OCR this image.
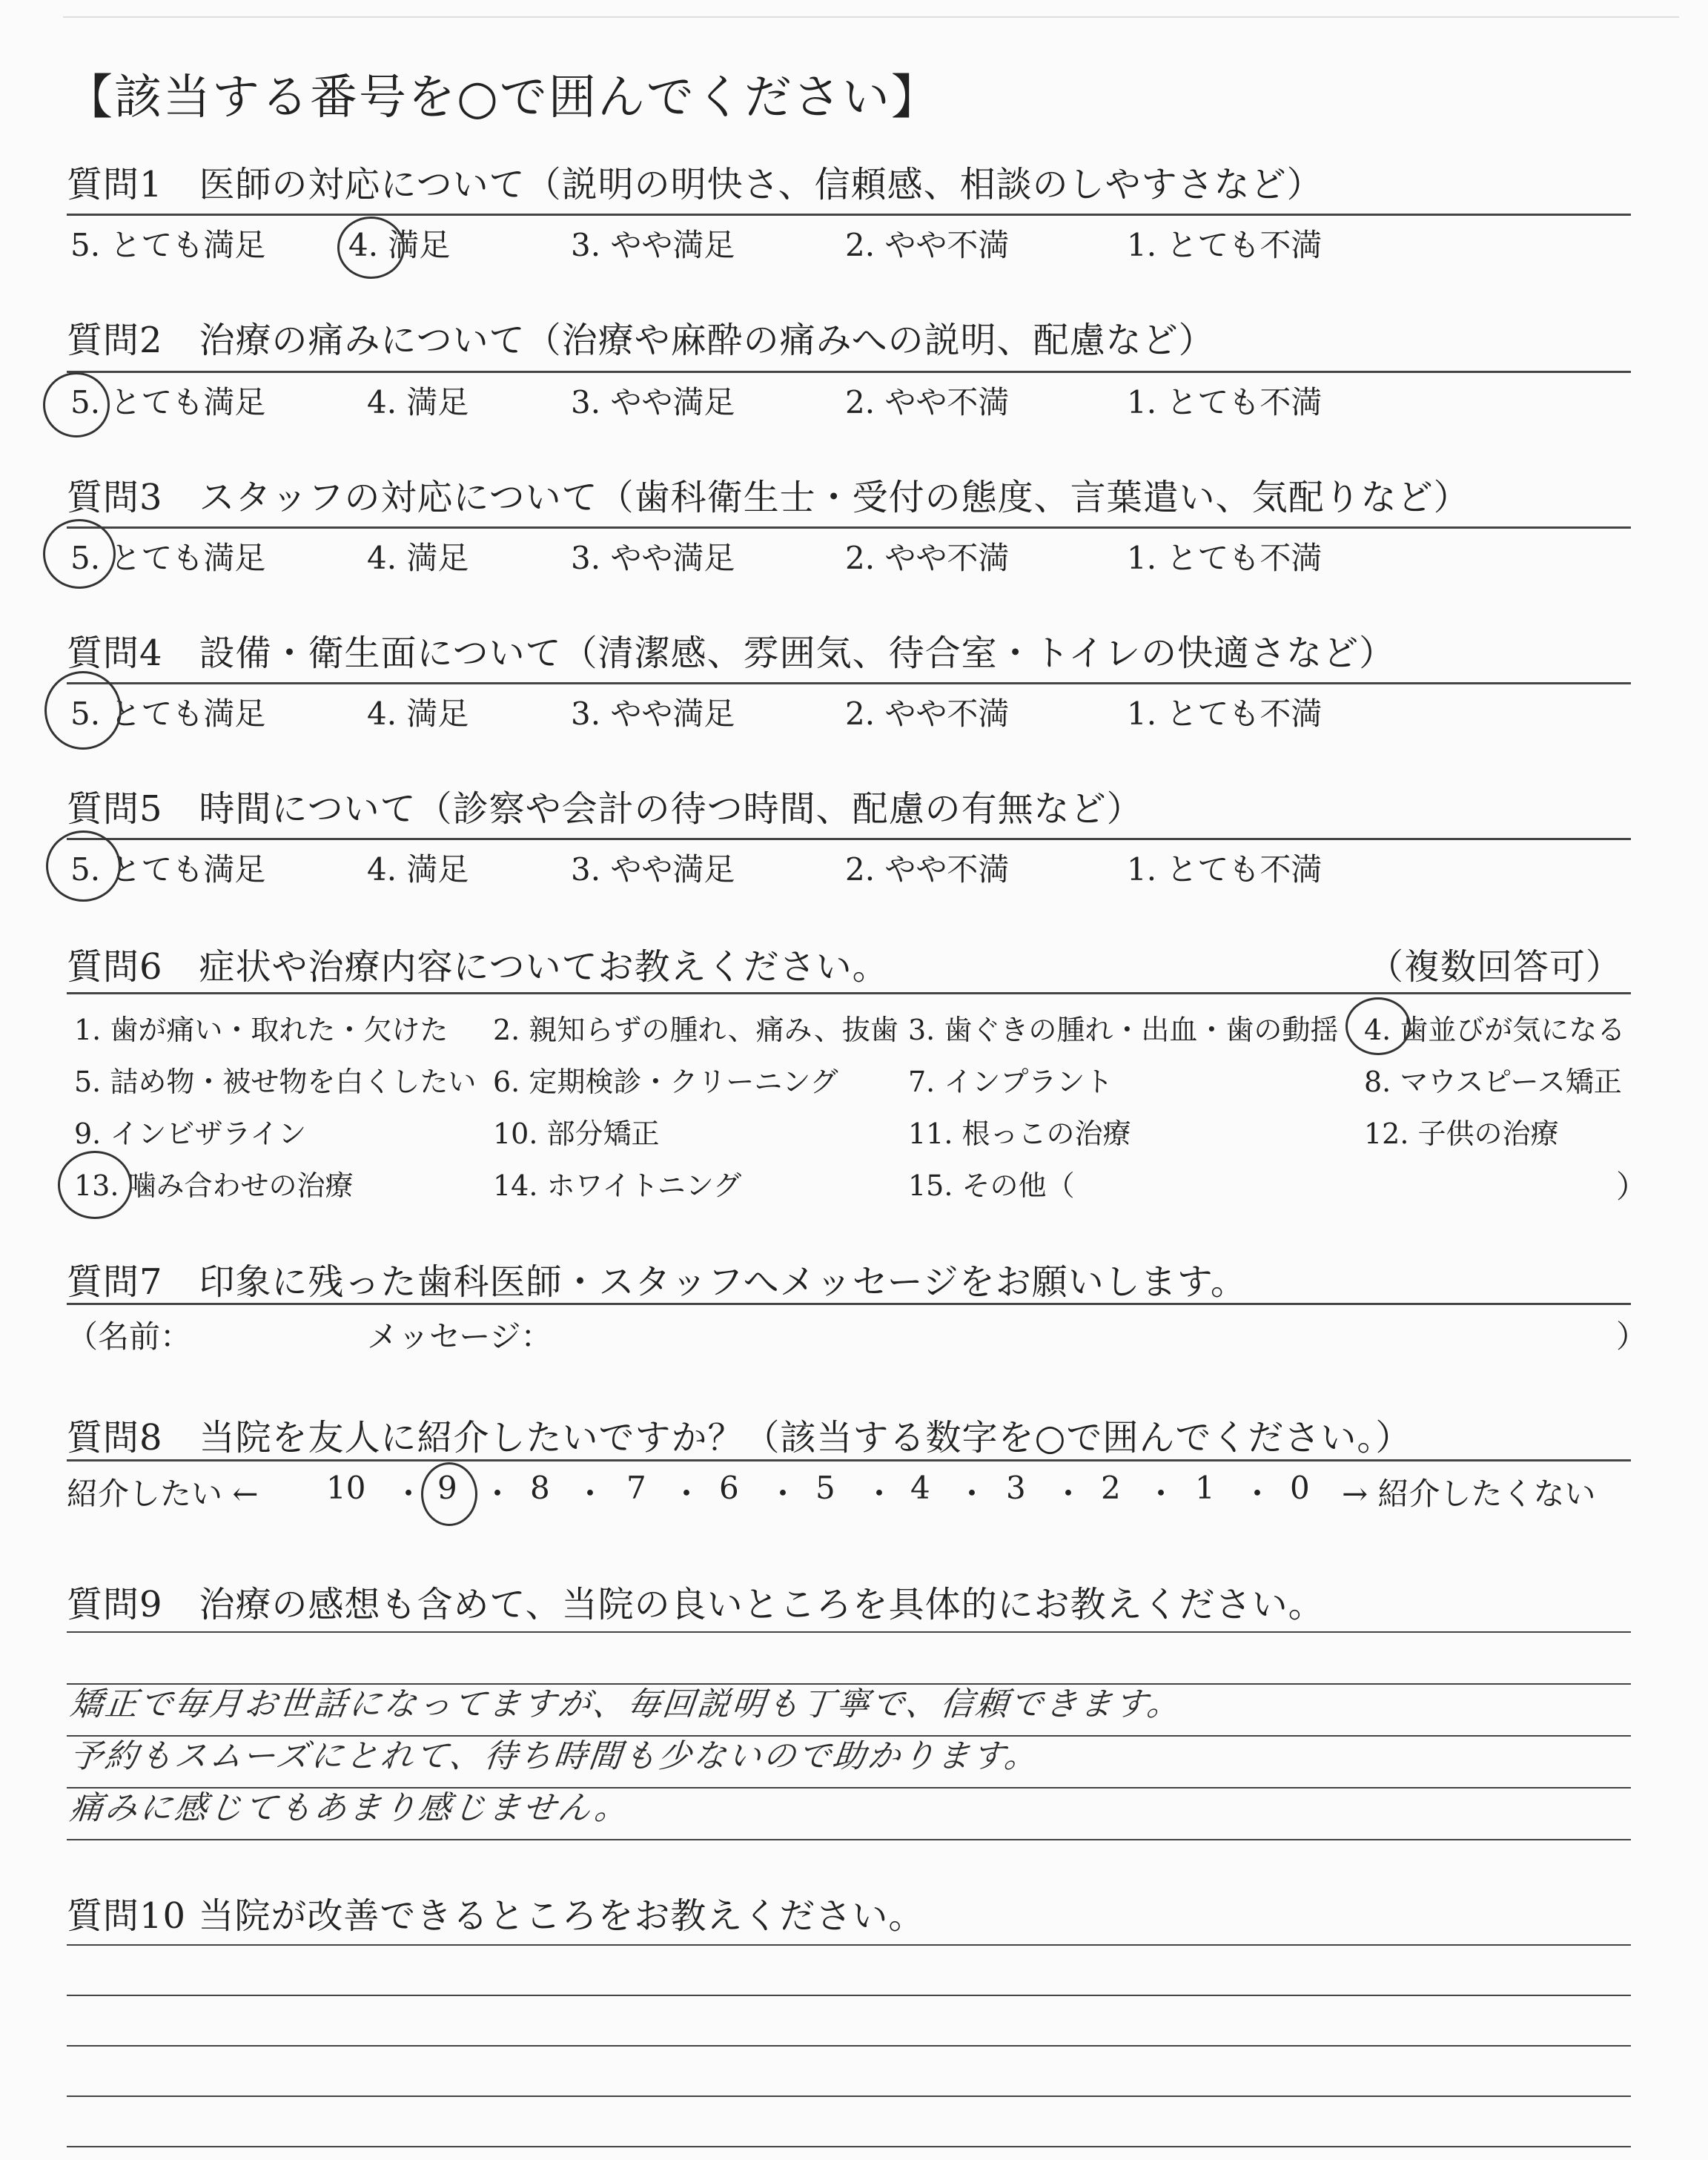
【該当する番号を○で囲んでください】
質問1　医師の対応について（説明の明快さ、信頼感、相談のしやすさなど）
5. とても満足	4. 満足	3. やや満足	2. やや不満	1. とても不満
質問2　治療の痛みについて（治療や麻酔の痛みへの説明、配慮など）
5. とても満足	4. 満足	3. やや満足	2. やや不満	1. とても不満
質問3　スタッフの対応について（歯科衛生士・受付の態度、言葉遣い、気配りなど）
5. とても満足	4. 満足	3. やや満足	2. やや不満	1. とても不満
質問4　設備・衛生面について（清潔感、雰囲気、待合室・トイレの快適さなど）
5. とても満足	4. 満足	3. やや満足	2. やや不満	1. とても不満
質問5　時間について（診察や会計の待つ時間、配慮の有無など）
5. とても満足	4. 満足	3. やや満足	2. やや不満	1. とても不満
質問6　症状や治療内容についてお教えください。	（複数回答可）
1. 歯が痛い・取れた・欠けた 2. 親知らずの腫れ、痛み、抜歯 3. 歯ぐきの腫れ・出血・歯の動揺 4. 歯並びが気になる
5. 詰め物・被せ物を白くしたい 6. 定期検診・クリーニング 7. インプラント	8. マウスピース矯正
9. インビザライン	10. 部分矯正	11. 根っこの治療	12. 子供の治療
13. 噛み合わせの治療	14. ホワイトニング	15. その他（	）
質問7　印象に残った歯科医師・スタッフへメッセージをお願いします。
（名前：	メッセージ：	）
質問8　当院を友人に紹介したいですか？（該当する数字を○で囲んでください。）
紹介したい ← 10 ・ 9 ・ 8 ・ 7 ・ 6 ・ 5 ・ 4 ・ 3 ・ 2 ・ 1 ・ 0 → 紹介したくない
質問9　治療の感想も含めて、当院の良いところを具体的にお教えください。
矯正で毎月お世話になってますが、毎回説明も丁寧で、信頼できます。
予約もスムーズにとれて、待ち時間も少ないので助かります。
痛みに感じてもあまり感じません。
質問10 当院が改善できるところをお教えください。
